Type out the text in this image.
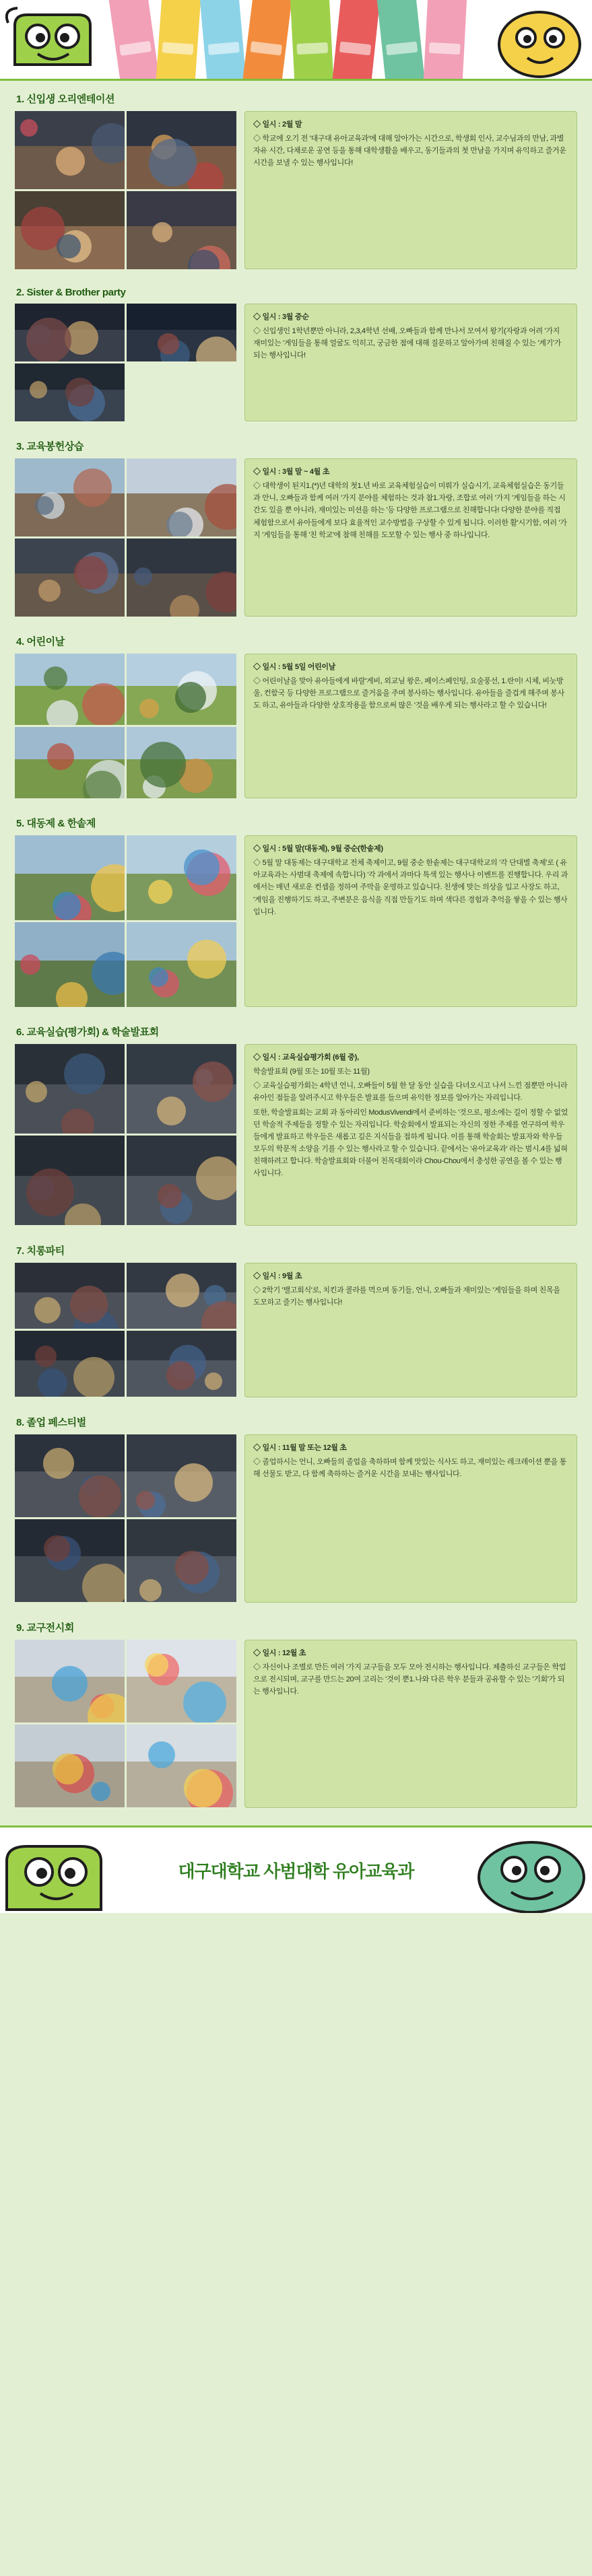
1. 신입생 오리엔테이션

◇ 일시 : 2월 말

◇ 학교에 오기 전 '대구대 유아교육과'에 대해 알아가는 시간으로, 학생회 인사, 교수님과의 만남, 과별 자유 시간, 다채로운 공연 등을 통해 대학생활을 배우고, 동기들과의 첫 만남을 가지며 유익하고 즐거운 시간을 보낼 수 있는 행사입니다!

2. Sister & Brother party

◇ 일시 : 3월 중순

◇ 신입생인 1학년뿐만 아니라, 2,3,4학년 선배, 오빠들과 함께 만나서 모여서 왕기(자랑과 어려 '가지 재미있는 '게임들을 통해 얼굴도 익히고, 궁금한 점에 대해 질문하고 알아가며 친해질 수 있는 '계기'가 되는 행사입니다!

3. 교육봉헌상습

◇ 일시 : 3월 말 ~ 4월 초

◇ 대학생이 된지1.(*)년 대학의 첫1.년 바로 교육체험실습이 미뤄가 실습시기, 교육체험실습은 동기들과 안니, 오빠들과 함께 여러 '가지 분야를 체험하는 것과 참1.자랑, 조합로 여러 '가지 '게임들을 하는 시간도 있을 뿐 아니라, 재미있는 미션을 하는 '등 다양한 프로그램으로 친해합니다! 다양한 분야를 직접 체험함으로서 유아들에게 보다 효율적인 교수방법을 구상할 수 있게 됩니다. 이러한 활'시기함, 여러 '가지 '게임들을 통해 '친 학교'에 참해 친해를 도모할 수 있는 행사 중 하나입니다.

4. 어린이날

◇ 일시 : 5월 5일 어린이날

◇ 어린이날을 맞아 유아들에게 바랄'게비, 외교님 왕은, 페이스페인팅, 요술풍선, 1.란이! 시체, 비눗방울, 컨함국 등 다양한 프로그램으로 즐거움을 주며 봉사하는 행사입니다. 유아들을 즐겁게 해주며 봉사도 하고, 유아들과 다양한 상호작용을 함으로써 많은 '것을 배우게 되는 행사라고 할 수 있습니다!

5. 대동제 & 한솥제

◇ 일시 : 5월 말(대동제), 9월 중순(한솥제)

◇ 5월 말 대동제는 대구대학교 전체 축제이고, 9월 중순 한솥제는 대구대학교의 '각 단대별 축제'로 ( 유아교육과는 사범대 축제에 속합니다) '각 과에서 과마다 특색 있는 행사나 이벤트를 진행합니다. 우리 과에서는 매년 새로운 컨셉을 정하여 주막을 운영하고 있습니다. 친생에 맞는 의상을 입고 사장도 하고, '게임을 진행하기도 하고, 주변분은 음식을 직접 만들기도 하며 색다른 경험과 추억을 쌓을 수 있는 행사입니다.

6. 교육실습(평가회) & 학술발표회

◇ 일시 : 교육실습평가회 (6월 중),

학술발표회 (9월 또는 10월 또는 11월)

◇ 교육실습평가회는 4학년 언니, 오빠들이 5월 한 달 동안 실습을 다녀오시고 나서 느낀 점뿐만 아니라 유아인 점들을 알려주시고 학우들은 발표를 들으며 유익한 정보를 알아가는 자리입니다.

또한, 학술발표회는 교회 과 동아리인 ModusVivendi에서 준비하는 '것으로, 평소에는 길이 정할 수 없었던 학술적 주제들을 정할 수 있는 자리입니다. 학술회에서 발표되는 자신의 정한 주제를 연구하여 학우들에게 발표하고 학우들은 새롭고 깊은 지식들을 접하게 됩니다. 이를 통해 학술회는 발표자와 학우들 모두의 학문적 소양을 기를 수 있는 행사라고 할 수 있습니다. 끝에서는 '유아교육과' 라는 범시.4를 넓혀 친해하려고 합니다. 학술발표회와 더불어 친목대회이라 Chou-Chou에서 충성한 공연을 볼 수 있는 행사입니다.

7. 치롱파티

◇ 일시 : 9월 초

◇ 2학기 '밸고회식'로, 치킨과 콜라를 먹으며 동기들, 언니, 오빠들과 재미있는 '게임들을 하며 친목을 도모하고 즐기는 행사입니다!

8. 졸업 페스티벌

◇ 일시 : 11월 말 또는 12월 초

◇ 졸업하시는 언니, 오빠들의 졸업을 축하하며 함께 맛있는 식사도 하고, 재미있는 레크레이션 뿐을 통해 선물도 받고, 다 함께 축하하는 즐거운 시간을 보내는 행사입니다.

9. 교구전시회

◇ 일시 : 12월 초

◇ 자신이나 조별로 만든 여러 '가지 교구들을 모두 모아 전시하는 행사입니다. 제출하신 교구들은 학업으로 전시되며, 교구를 만드는 20여 고리는 '것이 뿐1.나와 다른 학우 분들과 공유할 수 있는 '기회'가 되는 행사입니다.

대구대학교 사범대학 유아교육과
